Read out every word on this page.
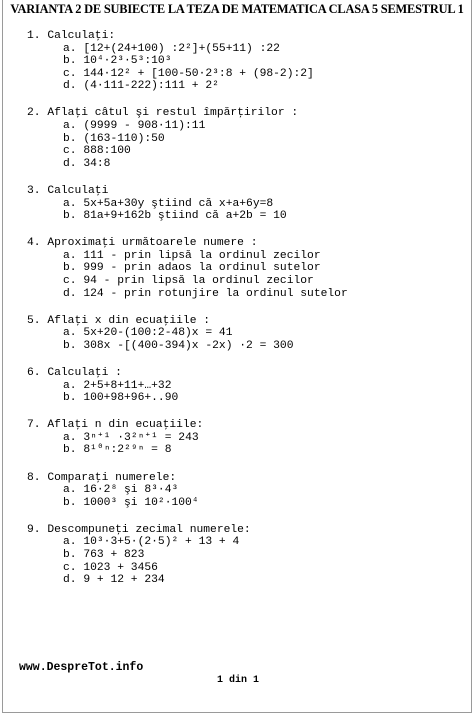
VARIANTA 2 DE SUBIECTE LA TEZA DE MATEMATICA CLASA 5 SEMESTRUL 1
1. Calculaţi:
a. [12+(24+100) :2²]+(55+11) :22
b. 10⁴·2³·5³:10³
c. 144·12² + [100-50·2³:8 + (98-2):2]
d. (4·111-222):111 + 2²
2. Aflaţi câtul şi restul împărţirilor :
a. (9999 - 908·11):11
b. (163-110):50
c. 888:100
d. 34:8
3. Calculaţi
a. 5x+5a+30y ştiind că x+a+6y=8
b. 81a+9+162b ştiind că a+2b = 10
4. Aproximaţi următoarele numere :
a. 111 - prin lipsă la ordinul zecilor
b. 999 - prin adaos la ordinul sutelor
c. 94 - prin lipsă la ordinul zecilor
d. 124 - prin rotunjire la ordinul sutelor
5. Aflaţi x din ecuaţiile :
a. 5x+20-(100:2-48)x = 41
b. 308x -[(400-394)x -2x) ·2 = 300
6. Calculaţi :
a. 2+5+8+11+…+32
b. 100+98+96+..90
7. Aflaţi n din ecuaţiile:
a. 3ⁿ⁺¹ ·3²ⁿ⁺¹ = 243
b. 8¹⁰ⁿ:2²⁹ⁿ = 8
8. Comparaţi numerele:
a. 16·2⁸ şi 8³·4³
b. 1000³ şi 10²·100⁴
9. Descompuneţi zecimal numerele:
a. 10³·3+5·(2·5)² + 13 + 4
b. 763 + 823
c. 1023 + 3456
d. 9 + 12 + 234
www.DespreTot.info
1 din 1
